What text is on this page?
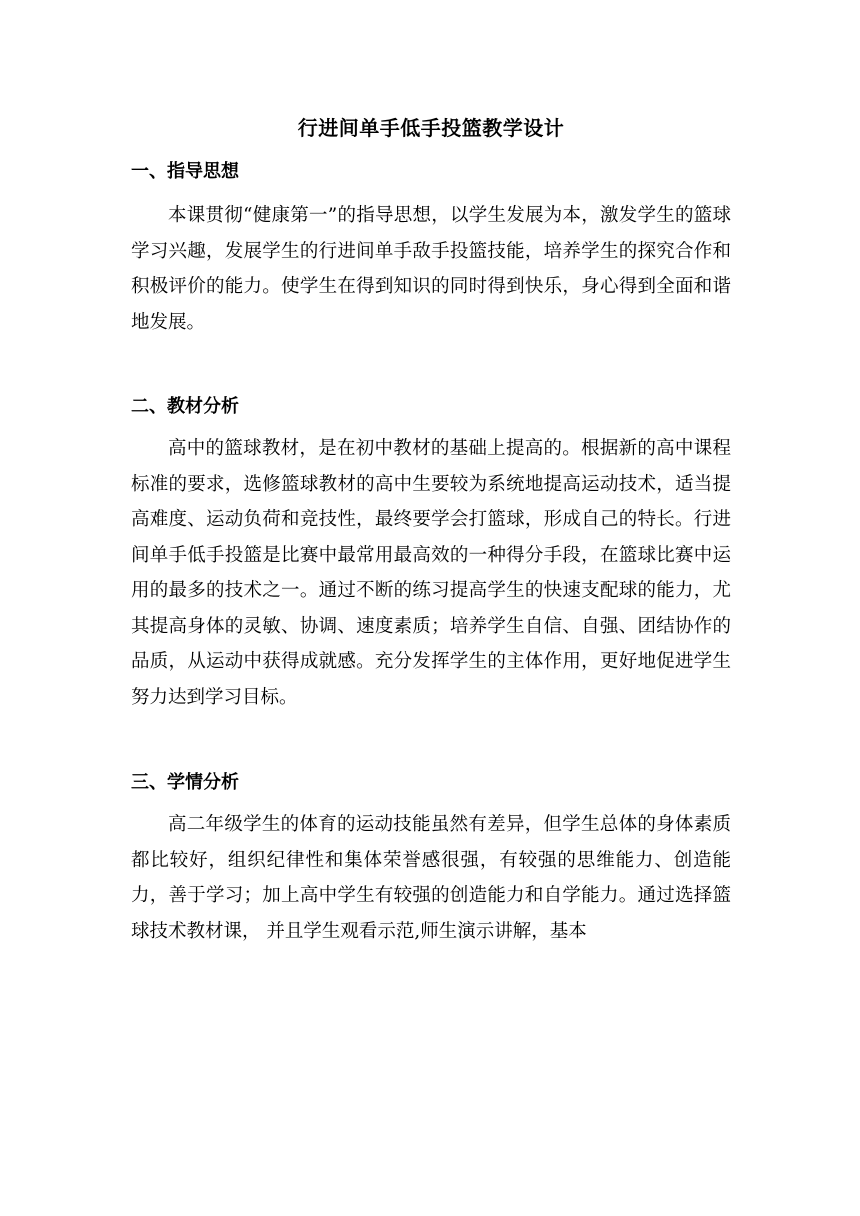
行进间单手低手投篮教学设计
一、指导思想

本课贯彻“健康第一”的指导思想，以学生发展为本，激发学生的篮球学习兴趣，发展学生的行进间单手敌手投篮技能，培养学生的探究合作和积极评价的能力。使学生在得到知识的同时得到快乐，身心得到全面和谐地发展。

二、教材分析

高中的篮球教材，是在初中教材的基础上提高的。根据新的高中课程标准的要求，选修篮球教材的高中生要较为系统地提高运动技术，适当提高难度、运动负荷和竞技性，最终要学会打篮球，形成自己的特长。行进间单手低手投篮是比赛中最常用最高效的一种得分手段，在篮球比赛中运用的最多的技术之一。通过不断的练习提高学生的快速支配球的能力，尤其提高身体的灵敏、协调、速度素质；培养学生自信、自强、团结协作的品质，从运动中获得成就感。充分发挥学生的主体作用，更好地促进学生努力达到学习目标。

三、学情分析

高二年级学生的体育的运动技能虽然有差异，但学生总体的身体素质都比较好，组织纪律性和集体荣誉感很强，有较强的思维能力、创造能力，善于学习；加上高中学生有较强的创造能力和自学能力。通过选择篮球技术教材课， 并且学生观看示范,师生演示讲解，基本
